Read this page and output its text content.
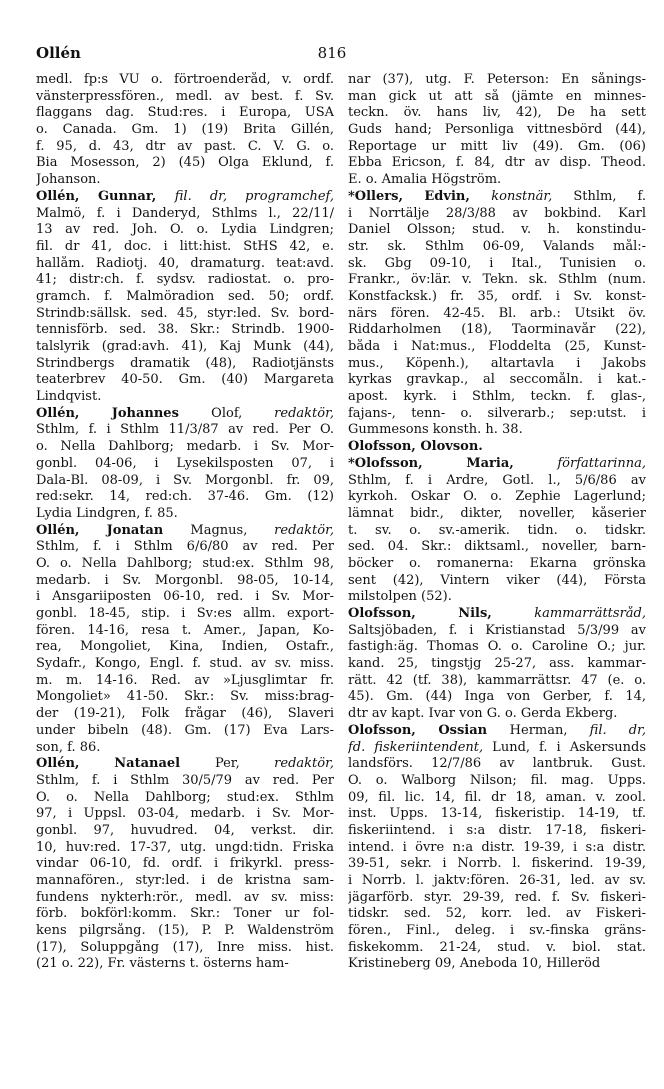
Ollén	816
medl. fp:s VU o. förtroenderåd, v. ordf.
vänsterpressfören., medl. av best. f. Sv.
flaggans dag. Stud:res. i Europa, USA
o. Canada. Gm. 1) (19) Brita Gillén,
f. 95, d. 43, dtr av past. C. V. G. o.
Bia Mosesson, 2) (45) Olga Eklund, f.
Johanson.
Ollén, Gunnar, fil. dr, programchef,
Malmö, f. i Danderyd, Sthlms l., 22/11/
13 av red. Joh. O. o. Lydia Lindgren;
fil. dr 41, doc. i litt:hist. StHS 42, e.
hallåm. Radiotj. 40, dramaturg. teat:avd.
41; distr:ch. f. sydsv. radiostat. o. pro-
gramch. f. Malmöradion sed. 50; ordf.
Strindb:sällsk. sed. 45, styr:led. Sv. bord-
tennisförb. sed. 38. Skr.: Strindb. 1900-
talslyrik (grad:avh. 41), Kaj Munk (44),
Strindbergs dramatik (48), Radiotjänsts
teaterbrev 40-50. Gm. (40) Margareta
Lindqvist.
Ollén, Johannes Olof, redaktör,
Sthlm, f. i Sthlm 11/3/87 av red. Per O.
o. Nella Dahlborg; medarb. i Sv. Mor-
gonbl. 04-06, i Lysekilsposten 07, i
Dala-Bl. 08-09, i Sv. Morgonbl. fr. 09,
red:sekr. 14, red:ch. 37-46. Gm. (12)
Lydia Lindgren, f. 85.
Ollén, Jonatan Magnus, redaktör,
Sthlm, f. i Sthlm 6/6/80 av red. Per
O. o. Nella Dahlborg; stud:ex. Sthlm 98,
medarb. i Sv. Morgonbl. 98-05, 10-14,
i Ansgariiposten 06-10, red. i Sv. Mor-
gonbl. 18-45, stip. i Sv:es allm. export-
fören. 14-16, resa t. Amer., Japan, Ko-
rea, Mongoliet, Kina, Indien, Ostafr.,
Sydafr., Kongo, Engl. f. stud. av sv. miss.
m. m. 14-16. Red. av »Ljusglimtar fr.
Mongoliet» 41-50. Skr.: Sv. miss:brag-
der (19-21), Folk frågar (46), Slaveri
under bibeln (48). Gm. (17) Eva Lars-
son, f. 86.
Ollén, Natanael Per, redaktör,
Sthlm, f. i Sthlm 30/5/79 av red. Per
O. o. Nella Dahlborg; stud:ex. Sthlm
97, i Uppsl. 03-04, medarb. i Sv. Mor-
gonbl. 97, huvudred. 04, verkst. dir.
10, huv:red. 17-37, utg. ungd:tidn. Friska
vindar 06-10, fd. ordf. i frikyrkl. press-
mannafören., styr:led. i de kristna sam-
fundens nykterh:rör., medl. av sv. miss:
förb. bokförl:komm. Skr.: Toner ur fol-
kens pilgrsång. (15), P. P. Waldenström
(17), Soluppgång (17), Inre miss. hist.
(21 o. 22), Fr. västerns t. österns ham-
nar (37), utg. F. Peterson: En sånings-
man gick ut att så (jämte en minnes-
teckn. öv. hans liv, 42), De ha sett
Guds hand; Personliga vittnesbörd (44),
Reportage ur mitt liv (49). Gm. (06)
Ebba Ericson, f. 84, dtr av disp. Theod.
E. o. Amalia Högström.
*Ollers, Edvin, konstnär, Sthlm, f.
i Norrtälje 28/3/88 av bokbind. Karl
Daniel Olsson; stud. v. h. konstindu-
str. sk. Sthlm 06-09, Valands mål:-
sk. Gbg 09-10, i Ital., Tunisien o.
Frankr., öv:lär. v. Tekn. sk. Sthlm (num.
Konstfacksk.) fr. 35, ordf. i Sv. konst-
närs fören. 42-45. Bl. arb.: Utsikt öv.
Riddarholmen (18), Taorminavår (22),
båda i Nat:mus., Floddelta (25, Kunst-
mus., Köpenh.), altartavla i Jakobs
kyrkas gravkap., al seccomåln. i kat.-
apost. kyrk. i Sthlm, teckn. f. glas-,
fajans-, tenn- o. silverarb.; sep:utst. i
Gummesons konsth. h. 38.
Olofsson, Olovson.
*Olofsson, Maria, författarinna,
Sthlm, f. i Ardre, Gotl. l., 5/6/86 av
kyrkoh. Oskar O. o. Zephie Lagerlund;
lämnat bidr., dikter, noveller, kåserier
t. sv. o. sv.-amerik. tidn. o. tidskr.
sed. 04. Skr.: diktsaml., noveller, barn-
böcker o. romanerna: Ekarna grönska
sent (42), Vintern viker (44), Första
milstolpen (52).
Olofsson, Nils, kammarrättsråd,
Saltsjöbaden, f. i Kristianstad 5/3/99 av
fastigh:äg. Thomas O. o. Caroline O.; jur.
kand. 25, tingstjg 25-27, ass. kammar-
rätt. 42 (tf. 38), kammarrättsr. 47 (e. o.
45). Gm. (44) Inga von Gerber, f. 14,
dtr av kapt. Ivar von G. o. Gerda Ekberg.
Olofsson, Ossian Herman, fil. dr,
fd. fiskeriintendent, Lund, f. i Askersunds
landsförs. 12/7/86 av lantbruk. Gust.
O. o. Walborg Nilson; fil. mag. Upps.
09, fil. lic. 14, fil. dr 18, aman. v. zool.
inst. Upps. 13-14, fiskeristip. 14-19, tf.
fiskeriintend. i s:a distr. 17-18, fiskeri-
intend. i övre n:a distr. 19-39, i s:a distr.
39-51, sekr. i Norrb. l. fiskerind. 19-39,
i Norrb. l. jaktv:fören. 26-31, led. av sv.
jägarförb. styr. 29-39, red. f. Sv. fiskeri-
tidskr. sed. 52, korr. led. av Fiskeri-
fören., Finl., deleg. i sv.-finska gräns-
fiskekomm. 21-24, stud. v. biol. stat.
Kristineberg 09, Aneboda 10, Hilleröd
